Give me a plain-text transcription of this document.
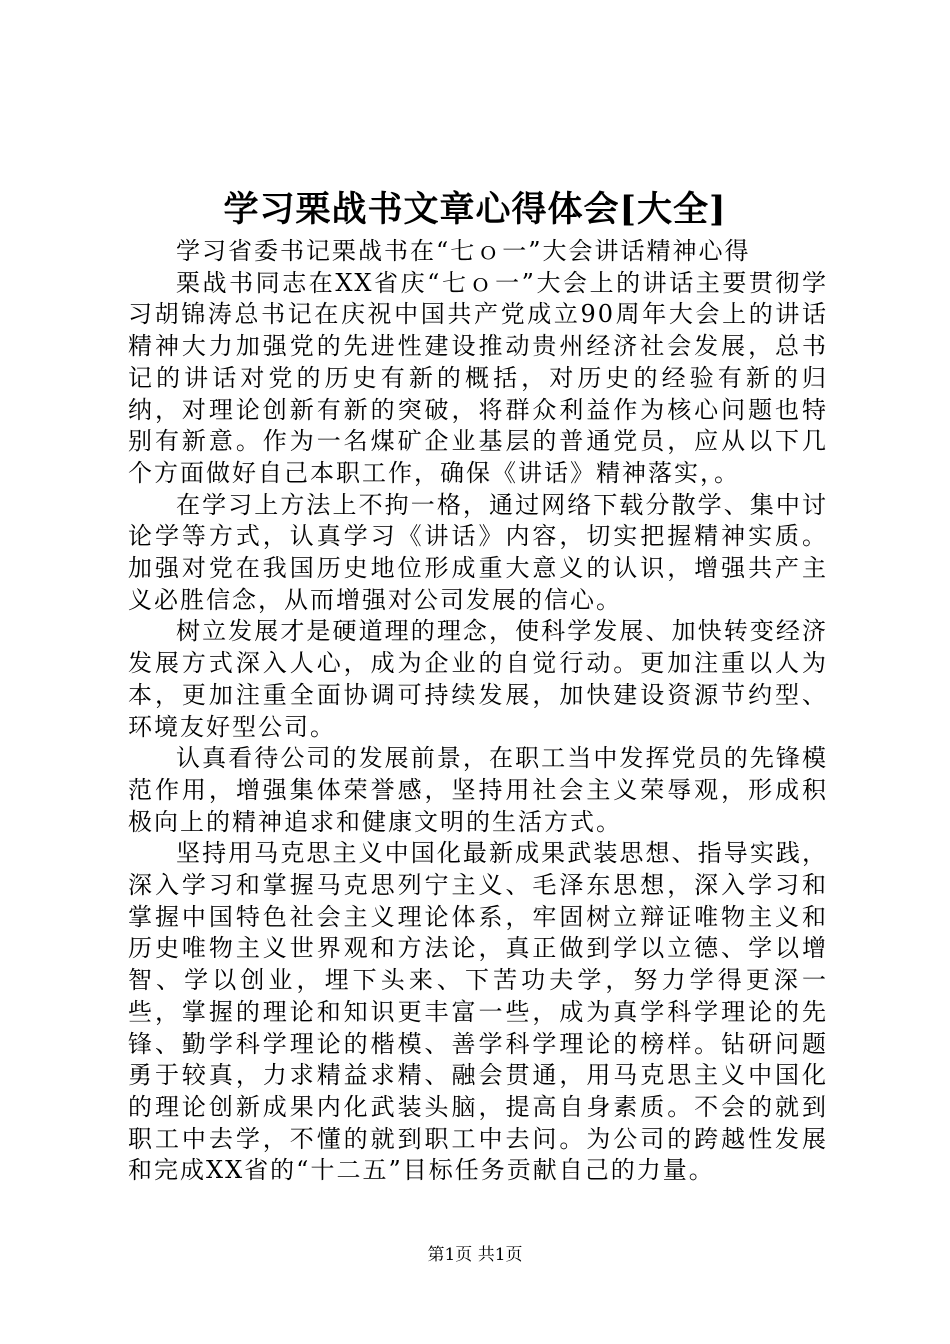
学习栗战书文章心得体会[大全]

学习省委书记栗战书在“七ｏ一”大会讲话精神心得

栗战书同志在XX省庆“七ｏ一”大会上的讲话主要贯彻学习胡锦涛总书记在庆祝中国共产党成立90周年大会上的讲话精神大力加强党的先进性建设推动贵州经济社会发展，总书记的讲话对党的历史有新的概括，对历史的经验有新的归纳，对理论创新有新的突破，将群众利益作为核心问题也特别有新意。作为一名煤矿企业基层的普通党员，应从以下几个方面做好自己本职工作，确保《讲话》精神落实，。

在学习上方法上不拘一格，通过网络下载分散学、集中讨论学等方式，认真学习《讲话》内容，切实把握精神实质。加强对党在我国历史地位形成重大意义的认识，增强共产主义必胜信念，从而增强对公司发展的信心。

树立发展才是硬道理的理念，使科学发展、加快转变经济发展方式深入人心，成为企业的自觉行动。更加注重以人为本，更加注重全面协调可持续发展，加快建设资源节约型、环境友好型公司。

认真看待公司的发展前景，在职工当中发挥党员的先锋模范作用，增强集体荣誉感，坚持用社会主义荣辱观，形成积极向上的精神追求和健康文明的生活方式。

坚持用马克思主义中国化最新成果武装思想、指导实践，深入学习和掌握马克思列宁主义、毛泽东思想，深入学习和掌握中国特色社会主义理论体系，牢固树立辩证唯物主义和历史唯物主义世界观和方法论，真正做到学以立德、学以增智、学以创业，埋下头来、下苦功夫学，努力学得更深一些，掌握的理论和知识更丰富一些，成为真学科学理论的先锋、勤学科学理论的楷模、善学科学理论的榜样。钻研问题勇于较真，力求精益求精、融会贯通，用马克思主义中国化的理论创新成果内化武装头脑，提高自身素质。不会的就到职工中去学，不懂的就到职工中去问。为公司的跨越性发展和完成XX省的“十二五”目标任务贡献自己的力量。

第1页 共1页
